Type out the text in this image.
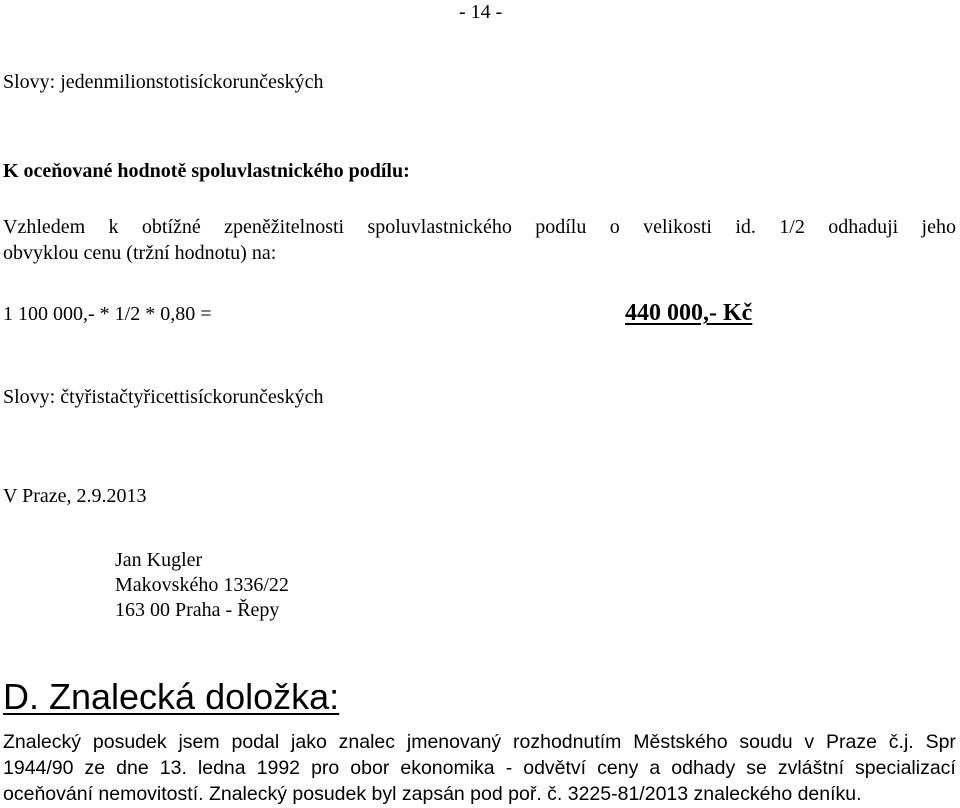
- 14 -
Slovy: jedenmilionstotisíckorunčeských
K oceňované hodnotě spoluvlastnického podílu:
Vzhledem k obtížné zpeněžitelnosti spoluvlastnického podílu o velikosti id. 1/2 odhaduji jeho
obvyklou cenu (tržní hodnotu) na:
1 100 000,- * 1/2 * 0,80 =	440 000,- Kč
Slovy: čtyřistačtyřicettisíckorunčeských
V Praze, 2.9.2013
Jan Kugler
Makovského 1336/22
163 00 Praha - Řepy
D. Znalecká doložka:
Znalecký posudek jsem podal jako znalec jmenovaný rozhodnutím Městského soudu v Praze č.j. Spr
1944/90 ze dne 13. ledna 1992 pro obor ekonomika - odvětví ceny a odhady se zvláštní specializací
oceňování nemovitostí. Znalecký posudek byl zapsán pod poř. č. 3225-81/2013 znaleckého deníku.
